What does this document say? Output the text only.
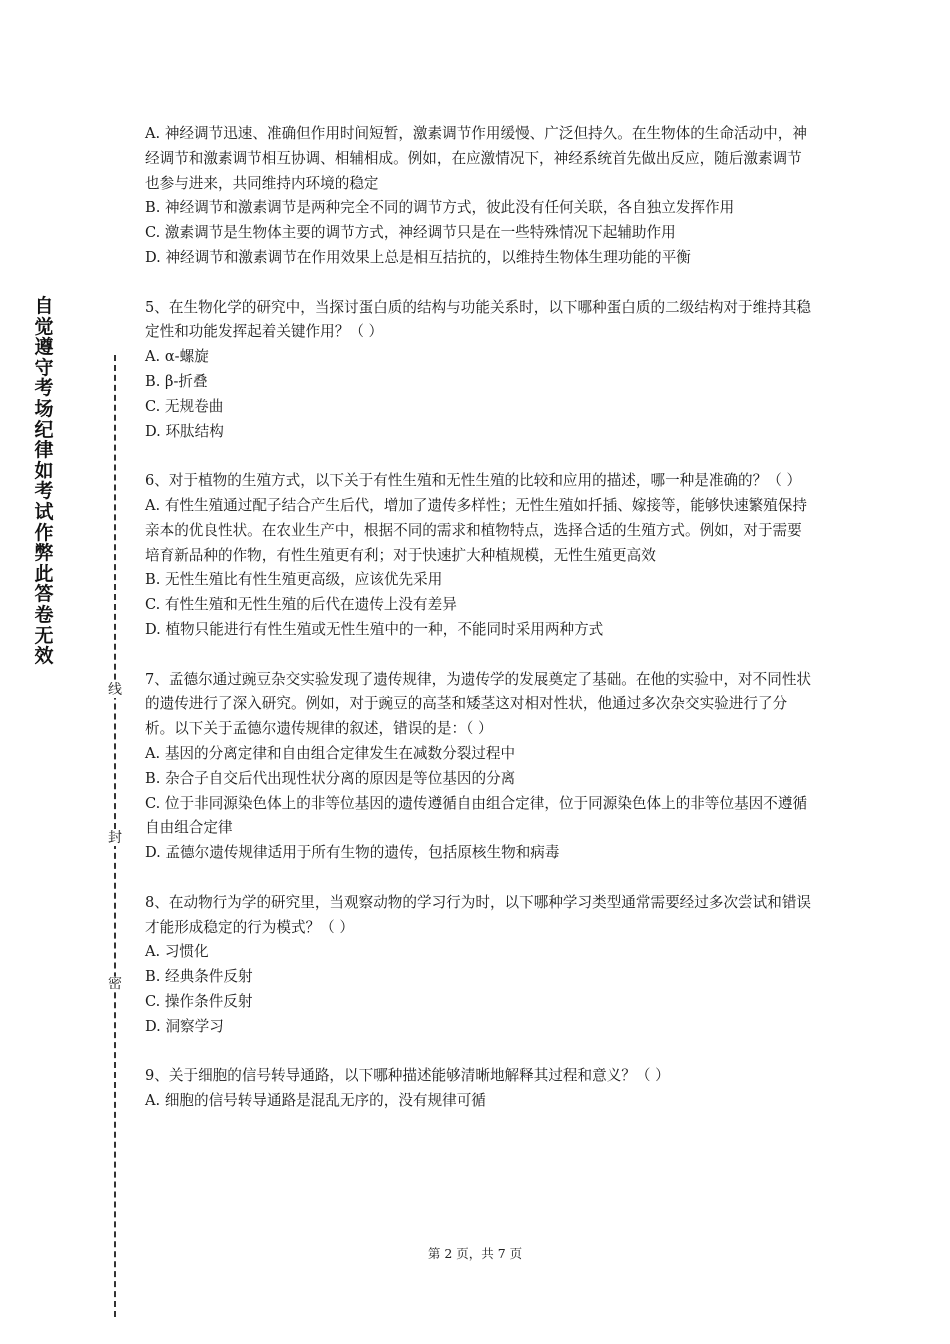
自觉遵守考场纪律如考试作弊此答卷无效
线
封
密

A. 神经调节迅速、准确但作用时间短暂，激素调节作用缓慢、广泛但持久。在生物体的生命活动中，神经调节和激素调节相互协调、相辅相成。例如，在应激情况下，神经系统首先做出反应，随后激素调节也参与进来，共同维持内环境的稳定

B. 神经调节和激素调节是两种完全不同的调节方式，彼此没有任何关联，各自独立发挥作用

C. 激素调节是生物体主要的调节方式，神经调节只是在一些特殊情况下起辅助作用

D. 神经调节和激素调节在作用效果上总是相互拮抗的，以维持生物体生理功能的平衡

5、在生物化学的研究中，当探讨蛋白质的结构与功能关系时，以下哪种蛋白质的二级结构对于维持其稳定性和功能发挥起着关键作用？（ ）

A. α-螺旋

B. β-折叠

C. 无规卷曲

D. 环肽结构

6、对于植物的生殖方式，以下关于有性生殖和无性生殖的比较和应用的描述，哪一种是准确的？（ ）

A. 有性生殖通过配子结合产生后代，增加了遗传多样性；无性生殖如扦插、嫁接等，能够快速繁殖保持亲本的优良性状。在农业生产中，根据不同的需求和植物特点，选择合适的生殖方式。例如，对于需要培育新品种的作物，有性生殖更有利；对于快速扩大种植规模，无性生殖更高效

B. 无性生殖比有性生殖更高级，应该优先采用

C. 有性生殖和无性生殖的后代在遗传上没有差异

D. 植物只能进行有性生殖或无性生殖中的一种，不能同时采用两种方式

7、孟德尔通过豌豆杂交实验发现了遗传规律，为遗传学的发展奠定了基础。在他的实验中，对不同性状的遗传进行了深入研究。例如，对于豌豆的高茎和矮茎这对相对性状，他通过多次杂交实验进行了分析。以下关于孟德尔遗传规律的叙述，错误的是：（ ）

A. 基因的分离定律和自由组合定律发生在减数分裂过程中

B. 杂合子自交后代出现性状分离的原因是等位基因的分离

C. 位于非同源染色体上的非等位基因的遗传遵循自由组合定律，位于同源染色体上的非等位基因不遵循自由组合定律

D. 孟德尔遗传规律适用于所有生物的遗传，包括原核生物和病毒

8、在动物行为学的研究里，当观察动物的学习行为时，以下哪种学习类型通常需要经过多次尝试和错误才能形成稳定的行为模式？（ ）

A. 习惯化

B. 经典条件反射

C. 操作条件反射

D. 洞察学习

9、关于细胞的信号转导通路，以下哪种描述能够清晰地解释其过程和意义？（ ）

A. 细胞的信号转导通路是混乱无序的，没有规律可循

第 2 页，共 7 页
